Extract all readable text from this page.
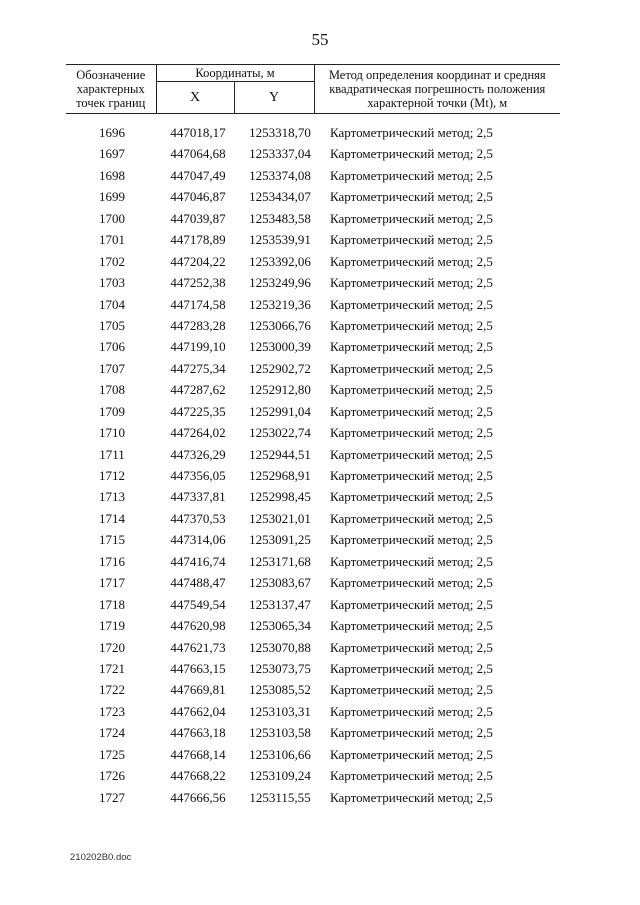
55
Обозначение характерных точек границ	Координаты, м		Метод определения координат и средняя квадратическая погрешность положения характерной точки (Mt), м
	X	Y	
1696	447018,17	1253318,70	Картометрический метод; 2,5
1697	447064,68	1253337,04	Картометрический метод; 2,5
1698	447047,49	1253374,08	Картометрический метод; 2,5
1699	447046,87	1253434,07	Картометрический метод; 2,5
1700	447039,87	1253483,58	Картометрический метод; 2,5
1701	447178,89	1253539,91	Картометрический метод; 2,5
1702	447204,22	1253392,06	Картометрический метод; 2,5
1703	447252,38	1253249,96	Картометрический метод; 2,5
1704	447174,58	1253219,36	Картометрический метод; 2,5
1705	447283,28	1253066,76	Картометрический метод; 2,5
1706	447199,10	1253000,39	Картометрический метод; 2,5
1707	447275,34	1252902,72	Картометрический метод; 2,5
1708	447287,62	1252912,80	Картометрический метод; 2,5
1709	447225,35	1252991,04	Картометрический метод; 2,5
1710	447264,02	1253022,74	Картометрический метод; 2,5
1711	447326,29	1252944,51	Картометрический метод; 2,5
1712	447356,05	1252968,91	Картометрический метод; 2,5
1713	447337,81	1252998,45	Картометрический метод; 2,5
1714	447370,53	1253021,01	Картометрический метод; 2,5
1715	447314,06	1253091,25	Картометрический метод; 2,5
1716	447416,74	1253171,68	Картометрический метод; 2,5
1717	447488,47	1253083,67	Картометрический метод; 2,5
1718	447549,54	1253137,47	Картометрический метод; 2,5
1719	447620,98	1253065,34	Картометрический метод; 2,5
1720	447621,73	1253070,88	Картометрический метод; 2,5
1721	447663,15	1253073,75	Картометрический метод; 2,5
1722	447669,81	1253085,52	Картометрический метод; 2,5
1723	447662,04	1253103,31	Картометрический метод; 2,5
1724	447663,18	1253103,58	Картометрический метод; 2,5
1725	447668,14	1253106,66	Картометрический метод; 2,5
1726	447668,22	1253109,24	Картометрический метод; 2,5
1727	447666,56	1253115,55	Картометрический метод; 2,5
210202B0.doc
